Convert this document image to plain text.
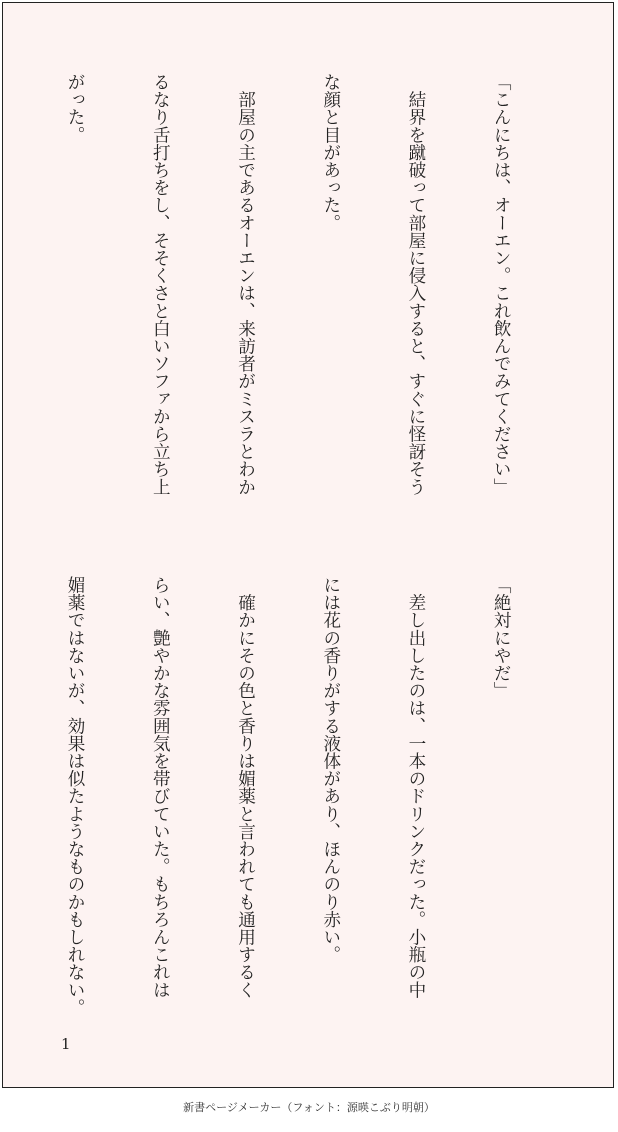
「こんにちは、オーエン。これ飲んでみてください」

　結界を蹴破って部屋に侵入すると、すぐに怪訝そう

な顔と目があった。

　部屋の主であるオーエンは、来訪者がミスラとわか

るなり舌打ちをし、そそくさと白いソファから立ち上

がった。

「絶対にやだ」

　差し出したのは、一本のドリンクだった。小瓶の中

には花の香りがする液体があり、ほんのり赤い。

　確かにその色と香りは媚薬と言われても通用するく

らい、艶やかな雰囲気を帯びていた。もちろんこれは

媚薬ではないが、効果は似たようなものかもしれない。

1
新書ページメーカー（フォント：源暎こぶり明朝）
